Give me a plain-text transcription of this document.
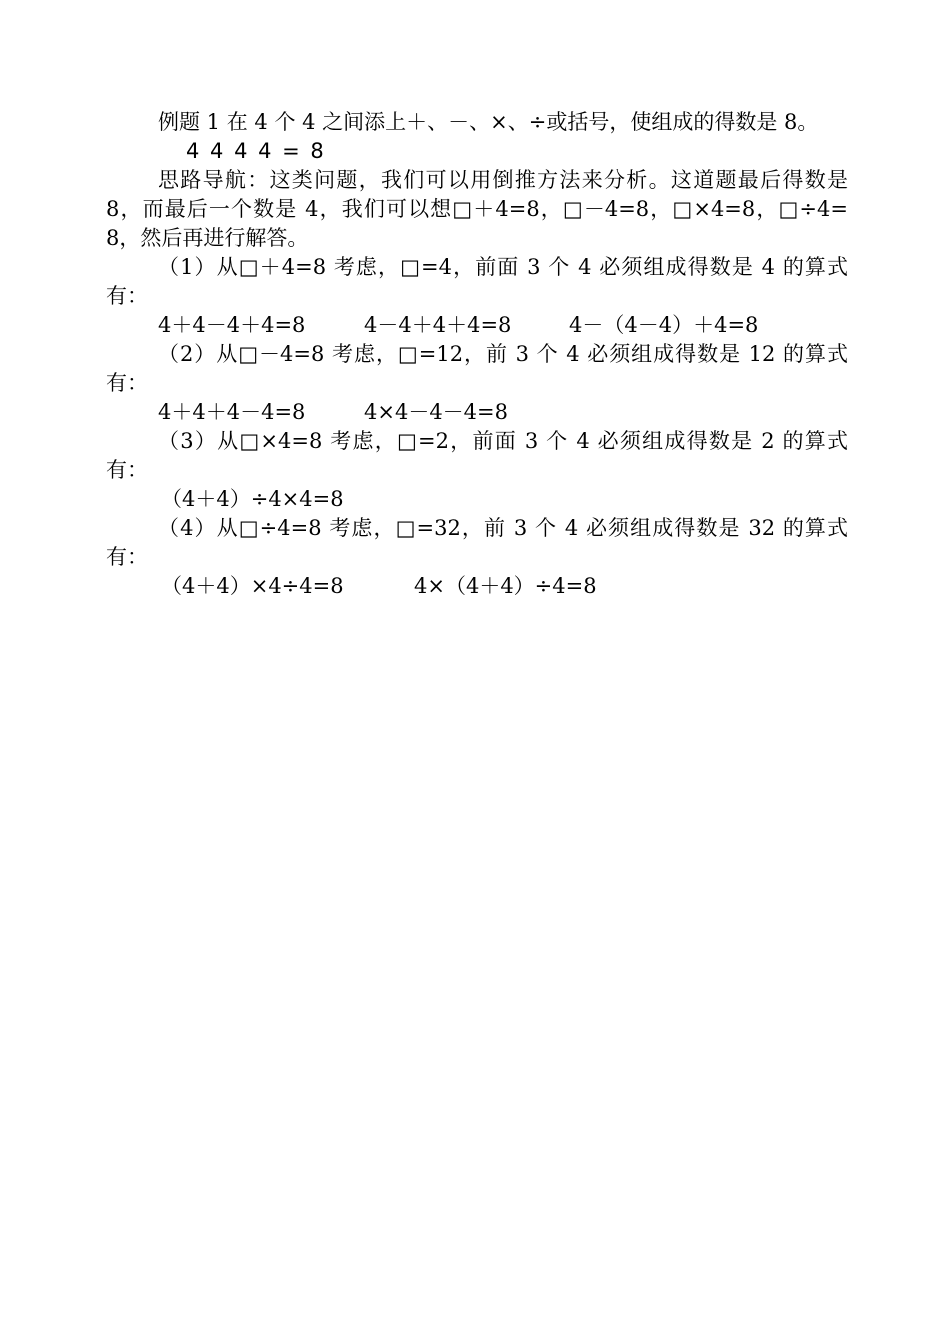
例题 1 在 4 个 4 之间添上＋、－、×、÷或括号，使组成的得数是 8。

4 4 4 4 = 8

思路导航：这类问题，我们可以用倒推方法来分析。这道题最后得数是 8，而最后一个数是 4，我们可以想□＋4=8，□－4=8，□×4=8，□÷4=8，然后再进行解答。

（1）从□＋4=8 考虑，□=4，前面 3 个 4 必须组成得数是 4 的算式有：

4＋4－4＋4=8	4－4＋4＋4=8	4－（4－4）＋4=8

（2）从□－4=8 考虑，□=12，前 3 个 4 必须组成得数是 12 的算式有：

4＋4＋4－4=8	4×4－4－4=8

（3）从□×4=8 考虑，□=2，前面 3 个 4 必须组成得数是 2 的算式有：

（4＋4）÷4×4=8

（4）从□÷4=8 考虑，□=32，前 3 个 4 必须组成得数是 32 的算式有：

（4＋4）×4÷4=8	4×（4＋4）÷4=8
